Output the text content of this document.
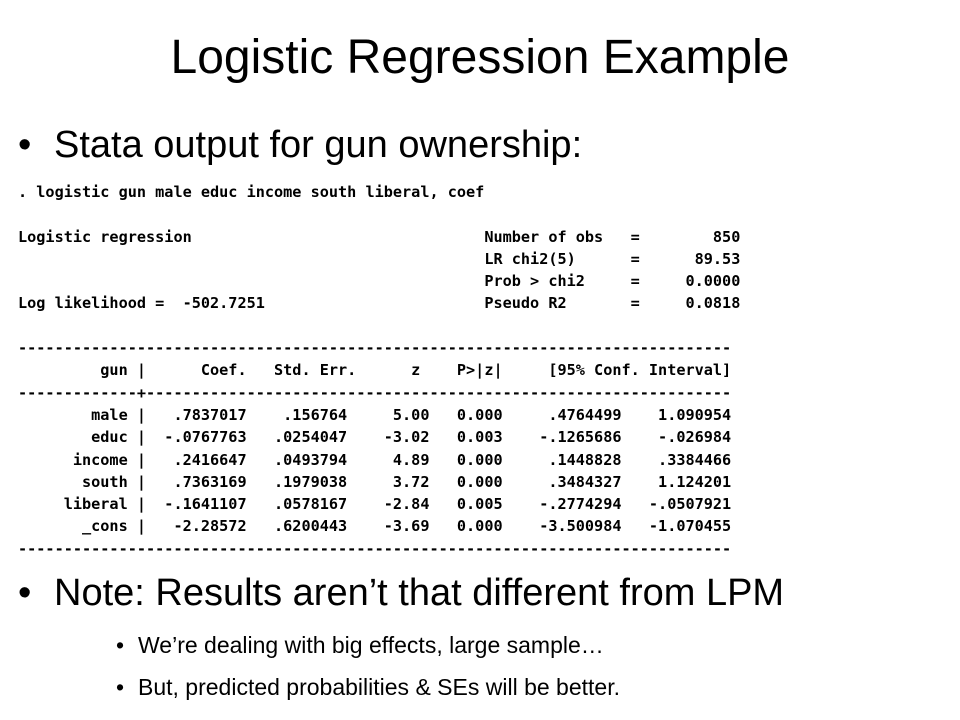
Logistic Regression Example
• Stata output for gun ownership:
. logistic gun male educ income south liberal, coef
Logistic regression                                Number of obs   =        850
LR chi2(5)      =      89.53
Prob > chi2     =     0.0000
Log likelihood =  -502.7251                        Pseudo R2       =     0.0818
------------------------------------------------------------------------------
gun |      Coef.   Std. Err.      z    P>|z|     [95% Conf. Interval]
-------------+----------------------------------------------------------------
male |   .7837017    .156764     5.00   0.000     .4764499    1.090954
educ |  -.0767763   .0254047    -3.02   0.003    -.1265686    -.026984
income |   .2416647   .0493794     4.89   0.000     .1448828    .3384466
south |   .7363169   .1979038     3.72   0.000     .3484327    1.124201
liberal |  -.1641107   .0578167    -2.84   0.005    -.2774294   -.0507921
_cons |   -2.28572   .6200443    -3.69   0.000    -3.500984   -1.070455
------------------------------------------------------------------------------
• Note: Results aren’t that different from LPM
• We’re dealing with big effects, large sample…
• But, predicted probabilities & SEs will be better.
